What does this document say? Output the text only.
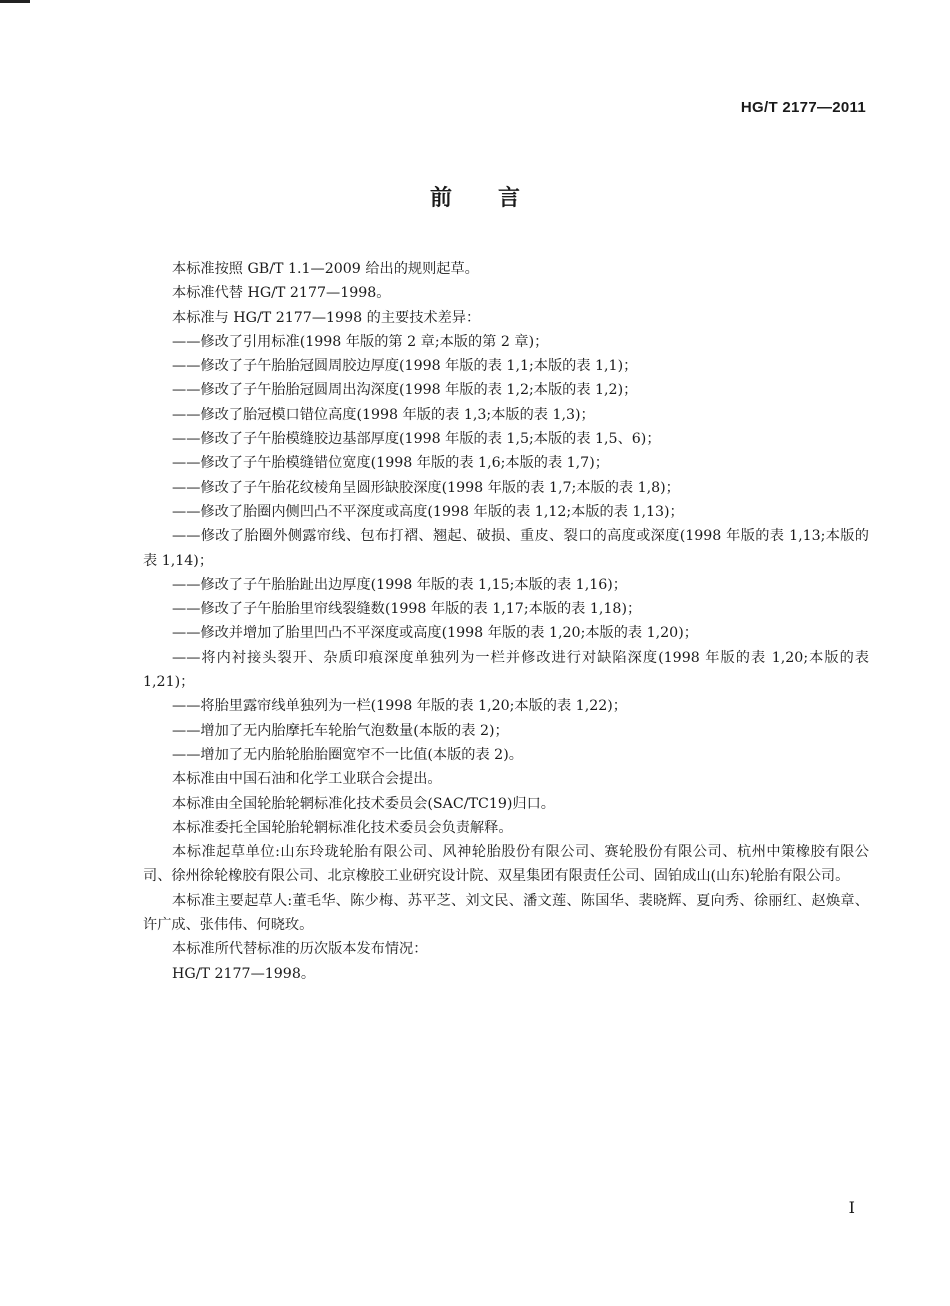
HG/T 2177—2011
前言

本标准按照 GB/T 1.1—2009 给出的规则起草。

本标准代替 HG/T 2177—1998。

本标准与 HG/T 2177—1998 的主要技术差异：

——修改了引用标准(1998 年版的第 2 章;本版的第 2 章)；

——修改了子午胎胎冠圆周胶边厚度(1998 年版的表 1,1;本版的表 1,1)；

——修改了子午胎胎冠圆周出沟深度(1998 年版的表 1,2;本版的表 1,2)；

——修改了胎冠模口错位高度(1998 年版的表 1,3;本版的表 1,3)；

——修改了子午胎模缝胶边基部厚度(1998 年版的表 1,5;本版的表 1,5、6)；

——修改了子午胎模缝错位宽度(1998 年版的表 1,6;本版的表 1,7)；

——修改了子午胎花纹棱角呈圆形缺胶深度(1998 年版的表 1,7;本版的表 1,8)；

——修改了胎圈内侧凹凸不平深度或高度(1998 年版的表 1,12;本版的表 1,13)；

——修改了胎圈外侧露帘线、包布打褶、翘起、破损、重皮、裂口的高度或深度(1998 年版的表 1,13;本版的表 1,14)；

——修改了子午胎胎趾出边厚度(1998 年版的表 1,15;本版的表 1,16)；

——修改了子午胎胎里帘线裂缝数(1998 年版的表 1,17;本版的表 1,18)；

——修改并增加了胎里凹凸不平深度或高度(1998 年版的表 1,20;本版的表 1,20)；

——将内衬接头裂开、杂质印痕深度单独列为一栏并修改进行对缺陷深度(1998 年版的表 1,20;本版的表 1,21)；

——将胎里露帘线单独列为一栏(1998 年版的表 1,20;本版的表 1,22)；

——增加了无内胎摩托车轮胎气泡数量(本版的表 2)；

——增加了无内胎轮胎胎圈宽窄不一比值(本版的表 2)。

本标准由中国石油和化学工业联合会提出。

本标准由全国轮胎轮辋标准化技术委员会(SAC/TC19)归口。

本标准委托全国轮胎轮辋标准化技术委员会负责解释。

本标准起草单位:山东玲珑轮胎有限公司、风神轮胎股份有限公司、赛轮股份有限公司、杭州中策橡胶有限公司、徐州徐轮橡胶有限公司、北京橡胶工业研究设计院、双星集团有限责任公司、固铂成山(山东)轮胎有限公司。

本标准主要起草人:董毛华、陈少梅、苏平芝、刘文民、潘文莲、陈国华、裴晓辉、夏向秀、徐丽红、赵焕章、许广成、张伟伟、何晓玫。

本标准所代替标准的历次版本发布情况：

HG/T 2177—1998。

I
